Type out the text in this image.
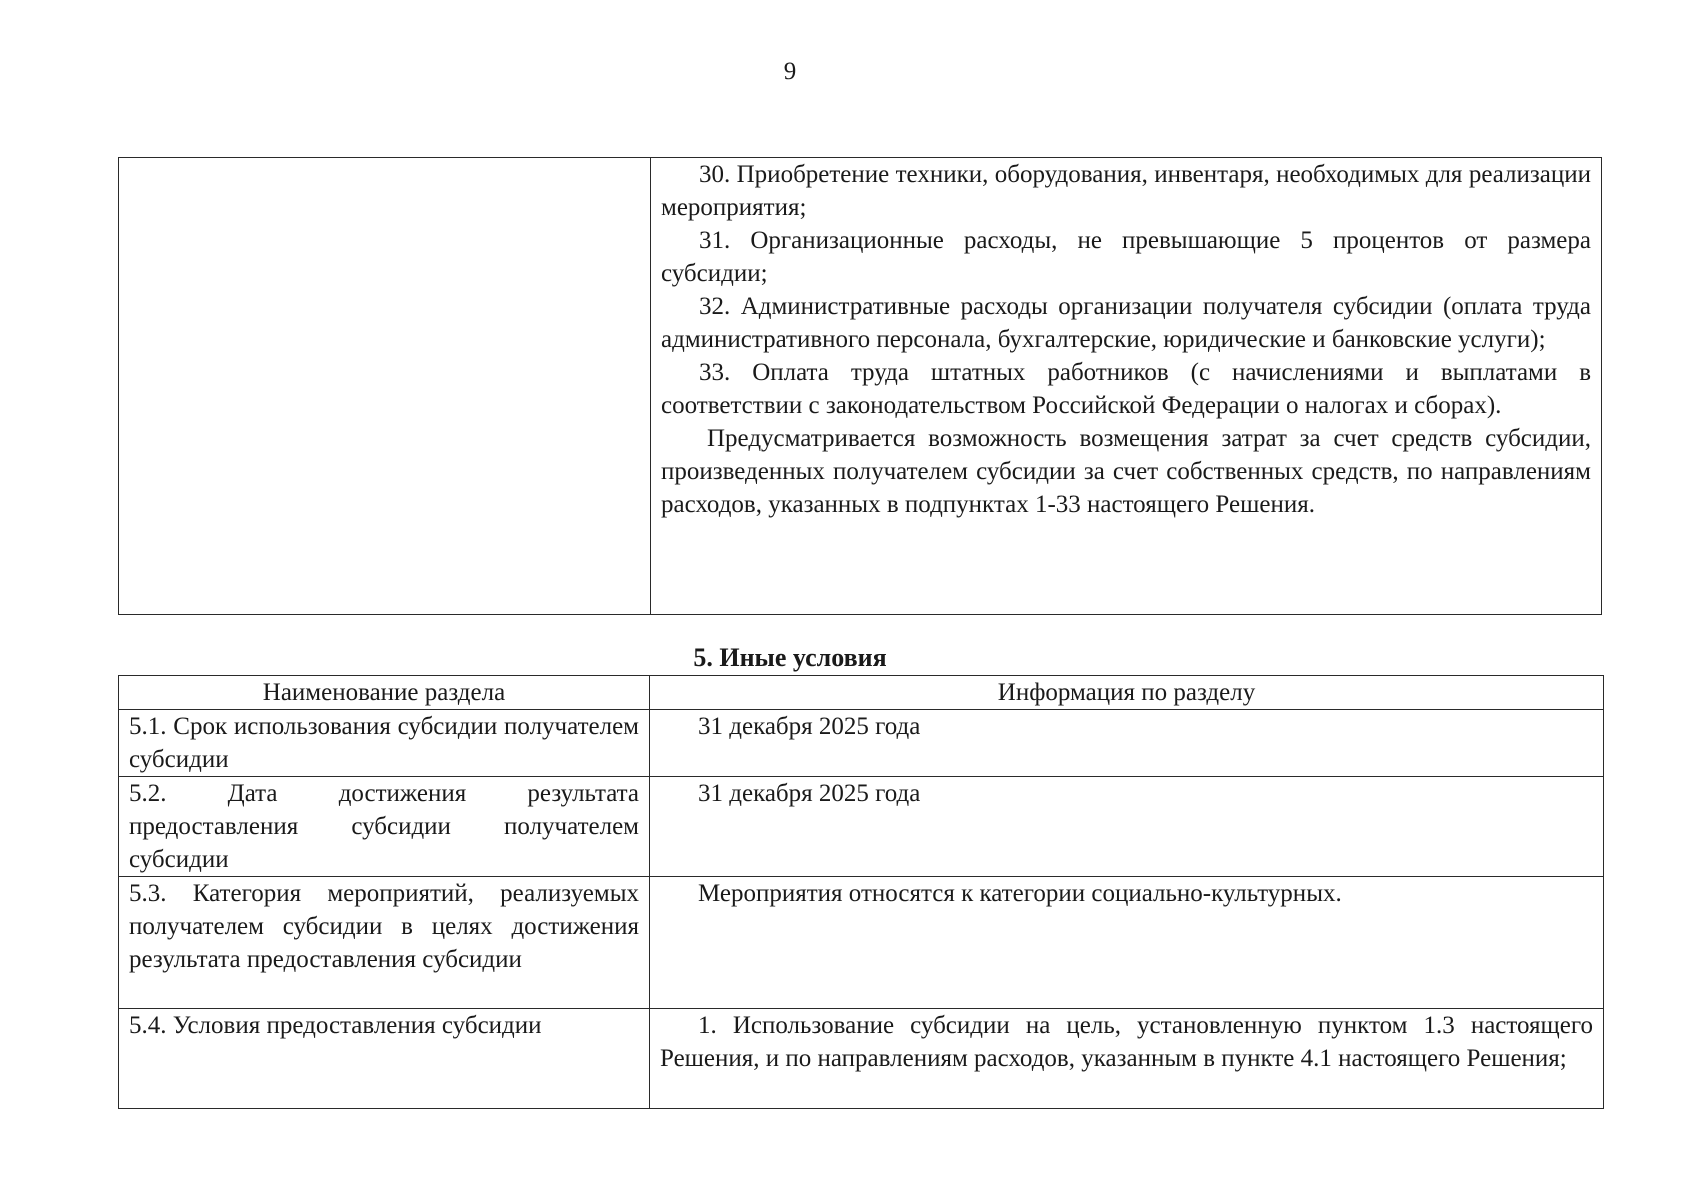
9

30. Приобретение техники, оборудования, инвентаря, необходимых для реализации мероприятия;

31. Организационные расходы, не превышающие 5 процентов от размера субсидии;

32. Административные расходы организации получателя субсидии (оплата труда административного персонала, бухгалтерские, юридические и банковские услуги);

33. Оплата труда штатных работников (с начислениями и выплатами в соответствии с законодательством Российской Федерации о налогах и сборах).

Предусматривается возможность возмещения затрат за счет средств субсидии, произведенных получателем субсидии за счет собственных средств, по направлениям расходов, указанных в подпунктах 1-33 настоящего Решения.

5. Иные условия
Наименование раздела	Информация по разделу

5.1. Срок использования субсидии получателем субсидии	31 декабря 2025 года

5.2. Дата достижения результата предоставления субсидии получателем субсидии	31 декабря 2025 года

5.3. Категория мероприятий, реализуемых получателем субсидии в целях достижения результата предоставления субсидии	Мероприятия относятся к категории социально-культурных.

5.4. Условия предоставления субсидии	1. Использование субсидии на цель, установленную пунктом 1.3 настоящего Решения, и по направлениям расходов, указанным в пункте 4.1 настоящего Решения;
